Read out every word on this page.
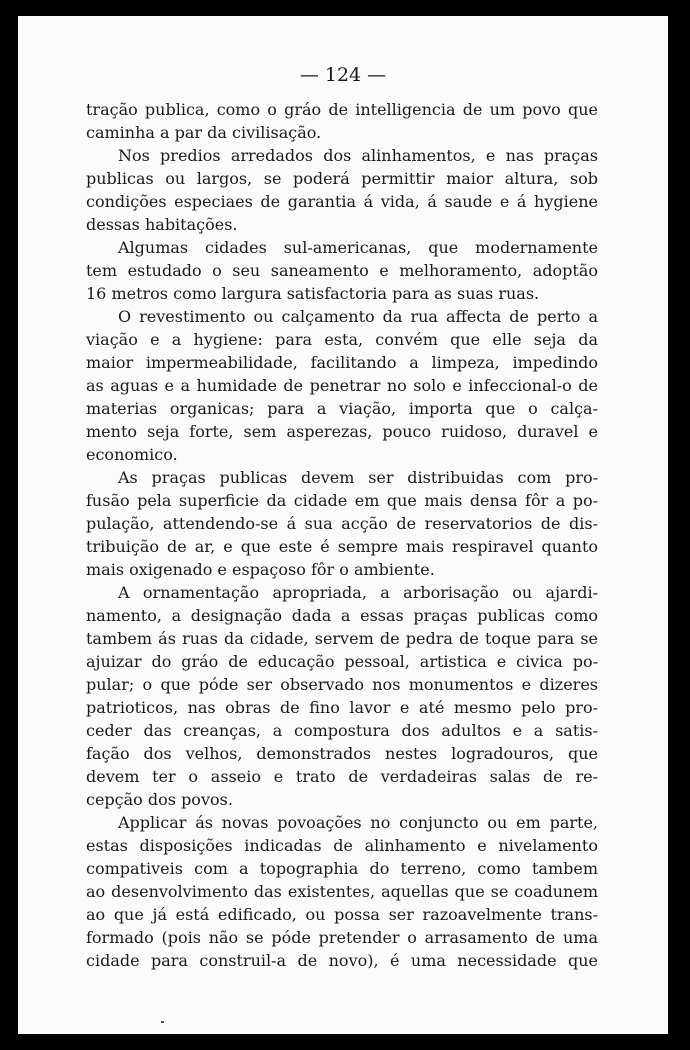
— 124 —
tração publica, como o gráo de intelligencia de um povo que
caminha a par da civilisação.
Nos predios arredados dos alinhamentos, e nas praças
publicas ou largos, se poderá permittir maior altura, sob
condições especiaes de garantia á vida, á saude e á hygiene
dessas habitações.
Algumas cidades sul-americanas, que modernamente
tem estudado o seu saneamento e melhoramento, adoptão
16 metros como largura satisfactoria para as suas ruas.
O revestimento ou calçamento da rua affecta de perto a
viação e a hygiene: para esta, convém que elle seja da
maior impermeabilidade, facilitando a limpeza, impedindo
as aguas e a humidade de penetrar no solo e infeccional-o de
materias organicas; para a viação, importa que o calça-
mento seja forte, sem asperezas, pouco ruidoso, duravel e
economico.
As praças publicas devem ser distribuidas com pro-
fusão pela superficie da cidade em que mais densa fôr a po-
pulação, attendendo-se á sua acção de reservatorios de dis-
tribuição de ar, e que este é sempre mais respiravel quanto
mais oxigenado e espaçoso fôr o ambiente.
A ornamentação apropriada, a arborisação ou ajardi-
namento, a designação dada a essas praças publicas como
tambem ás ruas da cidade, servem de pedra de toque para se
ajuizar do gráo de educação pessoal, artistica e civica po-
pular; o que póde ser observado nos monumentos e dizeres
patrioticos, nas obras de fino lavor e até mesmo pelo pro-
ceder das creanças, a compostura dos adultos e a satis-
fação dos velhos, demonstrados nestes logradouros, que
devem ter o asseio e trato de verdadeiras salas de re-
cepção dos povos.
Applicar ás novas povoações no conjuncto ou em parte,
estas disposições indicadas de alinhamento e nivelamento
compativeis com a topographia do terreno, como tambem
ao desenvolvimento das existentes, aquellas que se coadunem
ao que já está edificado, ou possa ser razoavelmente trans-
formado (pois não se póde pretender o arrasamento de uma
cidade para construil-a de novo), é uma necessidade que
